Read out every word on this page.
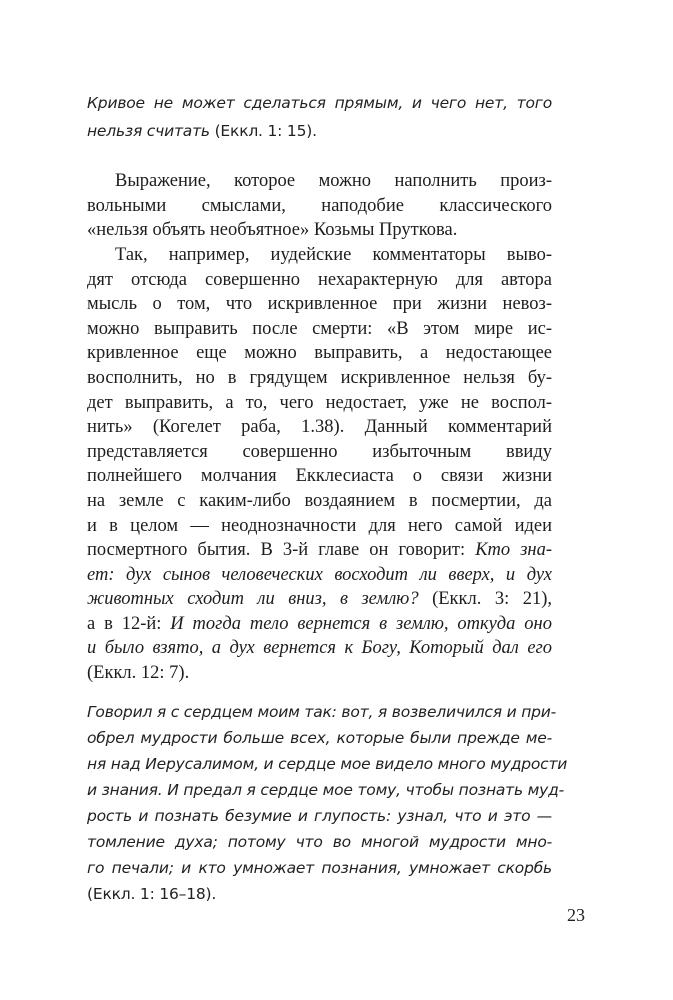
Кривое не может сделаться прямым, и чего нет, того
нельзя считать (Еккл. 1: 15).
Выражение, которое можно наполнить произ-
вольными смыслами, наподобие классического
«нельзя объять необъятное» Козьмы Пруткова.
Так, например, иудейские комментаторы выво-
дят отсюда совершенно нехарактерную для автора
мысль о том, что искривленное при жизни невоз-
можно выправить после смерти: «В этом мире ис-
кривленное еще можно выправить, а недостающее
восполнить, но в грядущем искривленное нельзя бу-
дет выправить, а то, чего недостает, уже не воспол-
нить» (Когелет раба, 1.38). Данный комментарий
представляется совершенно избыточным ввиду
полнейшего молчания Екклесиаста о связи жизни
на земле с каким-либо воздаянием в посмертии, да
и в целом — неоднозначности для него самой идеи
посмертного бытия. В 3-й главе он говорит: Кто зна-
ет: дух сынов человеческих восходит ли вверх, и дух
животных сходит ли вниз, в землю? (Еккл. 3: 21),
а в 12-й: И тогда тело вернется в землю, откуда оно
и было взято, а дух вернется к Богу, Который дал его
(Еккл. 12: 7).
Говорил я с сердцем моим так: вот, я возвеличился и при-
обрел мудрости больше всех, которые были прежде ме-
ня над Иерусалимом, и сердце мое видело много мудрости
и знания. И предал я сердце мое тому, чтобы познать муд-
рость и познать безумие и глупость: узнал, что и это —
томление духа; потому что во многой мудрости мно-
го печали; и кто умножает познания, умножает скорбь
(Еккл. 1: 16–18).
23
